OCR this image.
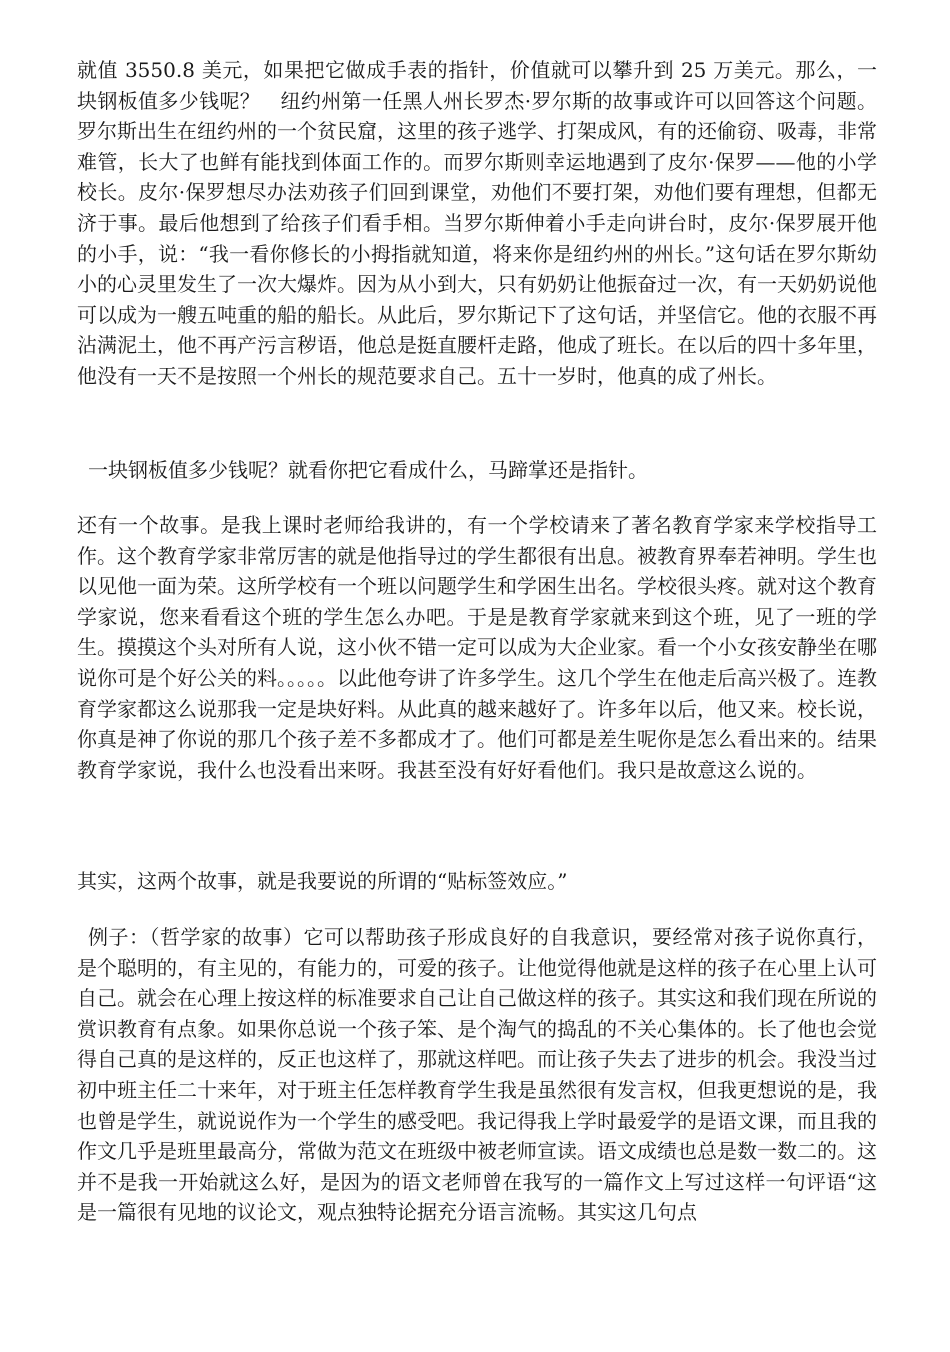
就值 3550.8 美元，如果把它做成手表的指针，价值就可以攀升到 25 万美元。那么，一块钢板值多少钱呢？　纽约州第一任黑人州长罗杰·罗尔斯的故事或许可以回答这个问题。罗尔斯出生在纽约州的一个贫民窟，这里的孩子逃学、打架成风，有的还偷窃、吸毒，非常难管，长大了也鲜有能找到体面工作的。而罗尔斯则幸运地遇到了皮尔·保罗——他的小学校长。皮尔·保罗想尽办法劝孩子们回到课堂，劝他们不要打架，劝他们要有理想，但都无济于事。最后他想到了给孩子们看手相。当罗尔斯伸着小手走向讲台时，皮尔·保罗展开他的小手，说：“我一看你修长的小拇指就知道，将来你是纽约州的州长。”这句话在罗尔斯幼小的心灵里发生了一次大爆炸。因为从小到大，只有奶奶让他振奋过一次，有一天奶奶说他可以成为一艘五吨重的船的船长。从此后，罗尔斯记下了这句话，并坚信它。他的衣服不再沾满泥土，他不再产污言秽语，他总是挺直腰杆走路，他成了班长。在以后的四十多年里，他没有一天不是按照一个州长的规范要求自己。五十一岁时，他真的成了州长。

一块钢板值多少钱呢？就看你把它看成什么，马蹄掌还是指针。

还有一个故事。是我上课时老师给我讲的，有一个学校请来了著名教育学家来学校指导工作。这个教育学家非常厉害的就是他指导过的学生都很有出息。被教育界奉若神明。学生也以见他一面为荣。这所学校有一个班以问题学生和学困生出名。学校很头疼。就对这个教育学家说，您来看看这个班的学生怎么办吧。于是是教育学家就来到这个班，见了一班的学生。摸摸这个头对所有人说，这小伙不错一定可以成为大企业家。看一个小女孩安静坐在哪说你可是个好公关的料。。。。。以此他夸讲了许多学生。这几个学生在他走后高兴极了。连教育学家都这么说那我一定是块好料。从此真的越来越好了。许多年以后，他又来。校长说，你真是神了你说的那几个孩子差不多都成才了。他们可都是差生呢你是怎么看出来的。结果教育学家说，我什么也没看出来呀。我甚至没有好好看他们。我只是故意这么说的。

其实，这两个故事，就是我要说的所谓的“贴标签效应。”

例子：（哲学家的故事）它可以帮助孩子形成良好的自我意识，要经常对孩子说你真行，是个聪明的，有主见的，有能力的，可爱的孩子。让他觉得他就是这样的孩子在心里上认可自己。就会在心理上按这样的标准要求自己让自己做这样的孩子。其实这和我们现在所说的赏识教育有点象。如果你总说一个孩子笨、是个淘气的捣乱的不关心集体的。长了他也会觉得自己真的是这样的，反正也这样了，那就这样吧。而让孩子失去了进步的机会。我没当过初中班主任二十来年，对于班主任怎样教育学生我是虽然很有发言权，但我更想说的是，我也曾是学生，就说说作为一个学生的感受吧。我记得我上学时最爱学的是语文课，而且我的作文几乎是班里最高分，常做为范文在班级中被老师宣读。语文成绩也总是数一数二的。这并不是我一开始就这么好，是因为的语文老师曾在我写的一篇作文上写过这样一句评语“这是一篇很有见地的议论文，观点独特论据充分语言流畅。其实这几句点
